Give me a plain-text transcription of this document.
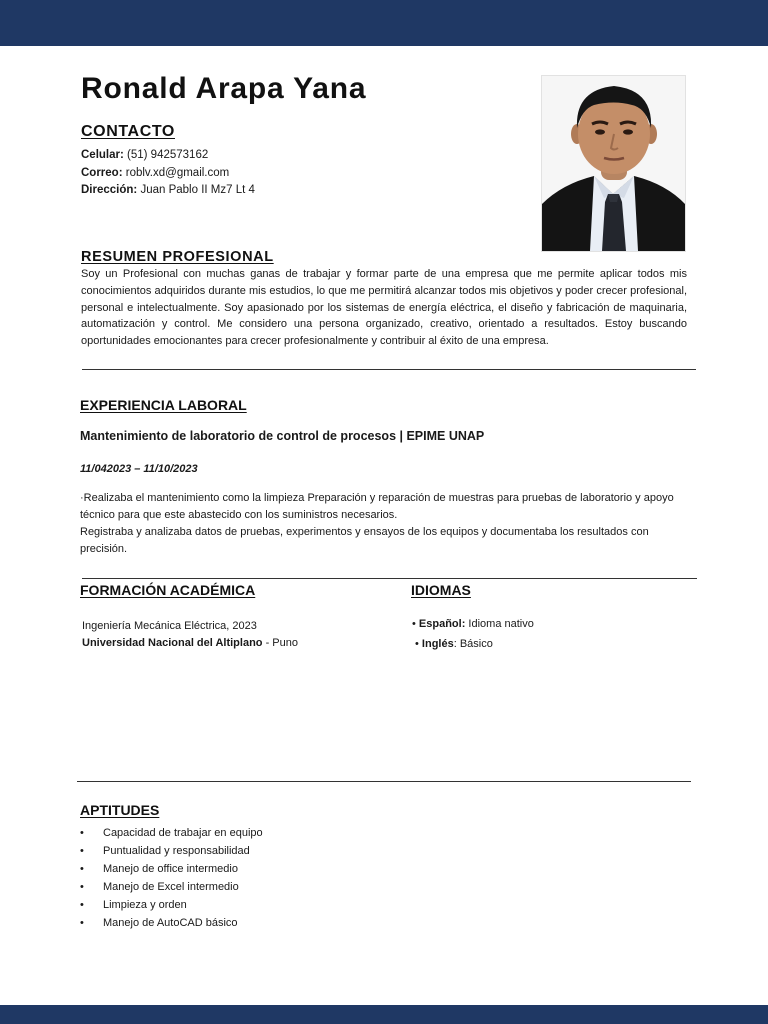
Ronald Arapa Yana
CONTACTO
Celular: (51) 942573162
Correo: roblv.xd@gmail.com
Dirección: Juan Pablo II Mz7 Lt 4
RESUMEN PROFESIONAL

Soy un Profesional con muchas ganas de trabajar y formar parte de una empresa que me permite aplicar todos mis conocimientos adquiridos durante mis estudios, lo que me permitirá alcanzar todos mis objetivos y poder crecer profesional, personal e intelectualmente. Soy apasionado por los sistemas de energía eléctrica, el diseño y fabricación de maquinaria, automatización y control. Me considero una persona organizado, creativo, orientado a resultados. Estoy buscando oportunidades emocionantes para crecer profesionalmente y contribuir al éxito de una empresa.

EXPERIENCIA LABORAL

Mantenimiento de laboratorio de control de procesos | EPIME UNAP

11/042023 – 11/10/2023

·Realizaba el mantenimiento como la limpieza Preparación y reparación de muestras para pruebas de laboratorio y apoyo técnico para que este abastecido con los suministros necesarios.

Registraba y analizaba datos de pruebas, experimentos y ensayos de los equipos y documentaba los resultados con precisión.

FORMACIÓN ACADÉMICA

Ingeniería Mecánica Eléctrica, 2023

Universidad Nacional del Altiplano - Puno

IDIOMAS
• Español: Idioma nativo
• Inglés: Básico
APTITUDES
•	Capacidad de trabajar en equipo
•	Puntualidad y responsabilidad
•	Manejo de office intermedio
•	Manejo de Excel intermedio
•	Limpieza y orden
•	Manejo de AutoCAD básico
